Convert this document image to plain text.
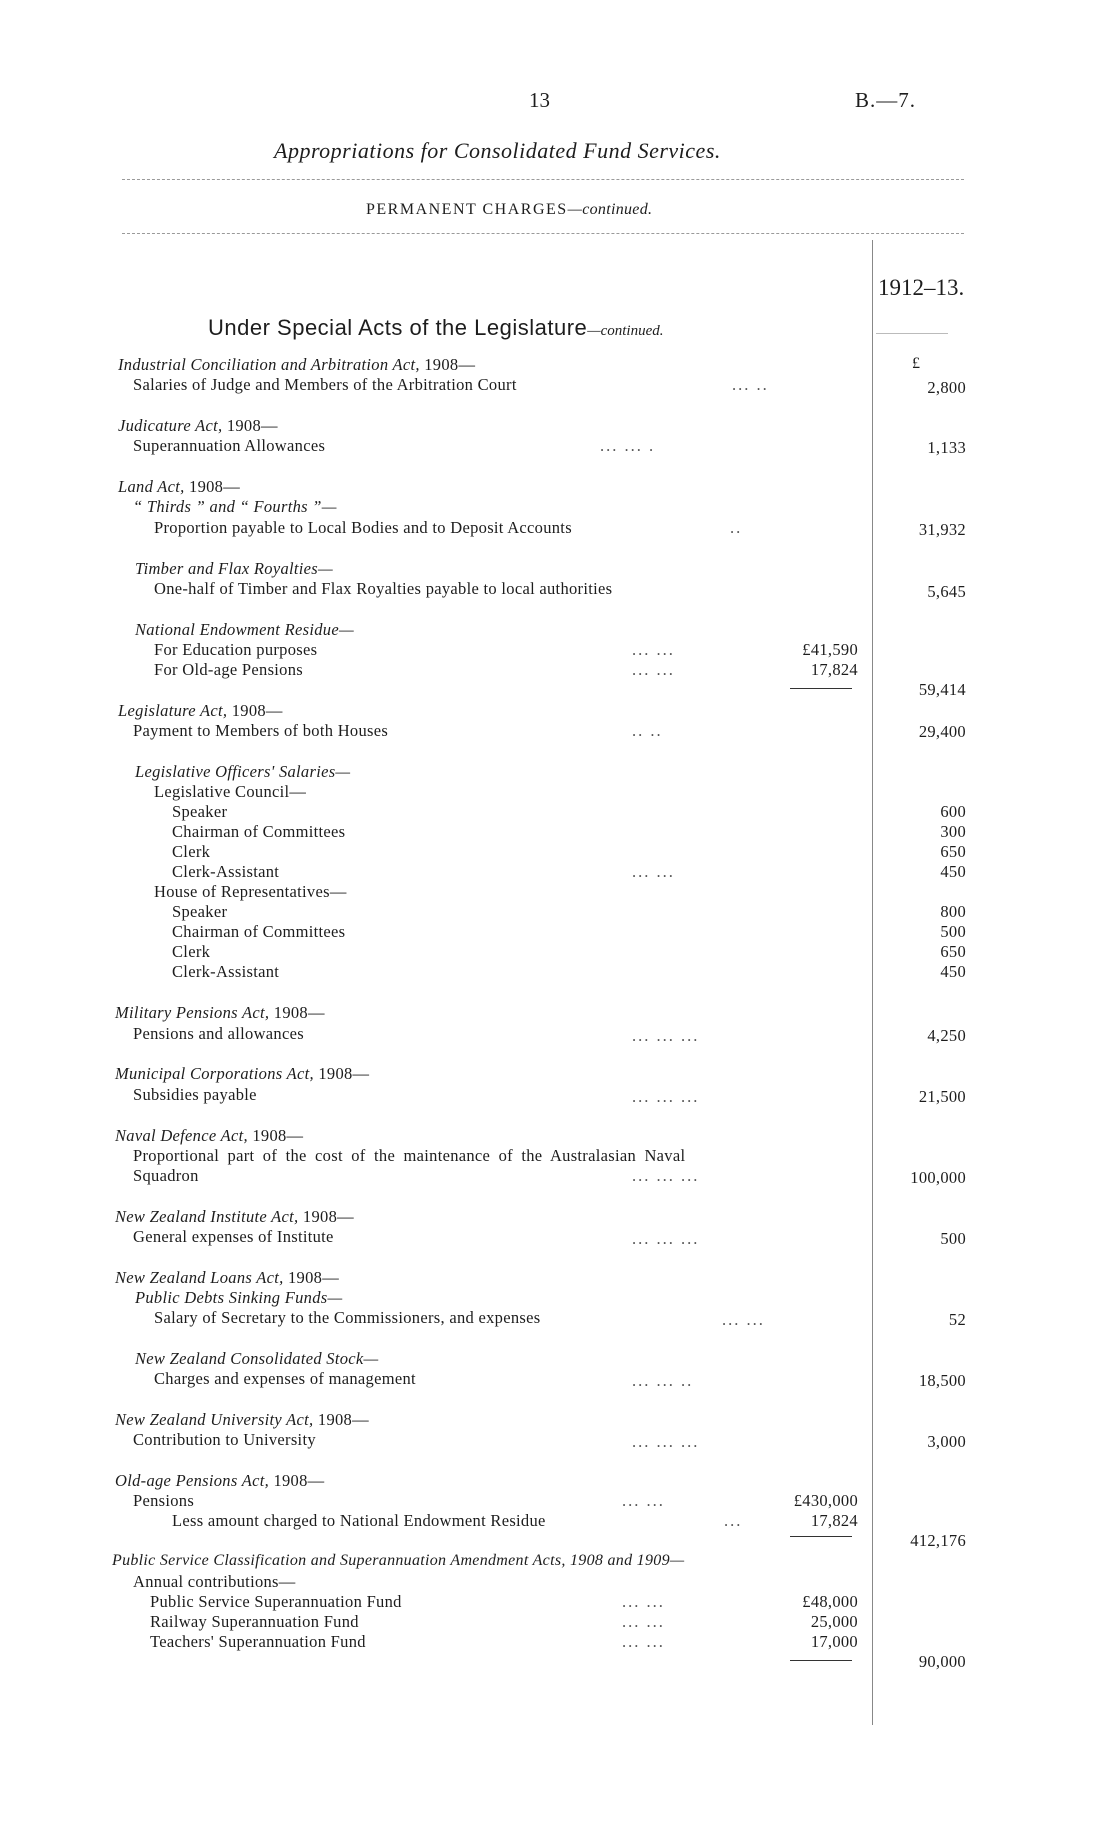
13	B.—7.
Appropriations for Consolidated Fund Services.
PERMANENT CHARGES—continued.
1912–13.
Under Special Acts of the Legislature—continued.
£
Industrial Conciliation and Arbitration Act, 1908—
Salaries of Judge and Members of the Arbitration Court	... ..	2,800
Judicature Act, 1908—
Superannuation Allowances	... ... .	1,133
Land Act, 1908—
“ Thirds ” and “ Fourths ”—
Proportion payable to Local Bodies and to Deposit Accounts	..	31,932
Timber and Flax Royalties—
One-half of Timber and Flax Royalties payable to local authorities	5,645
National Endowment Residue—
For Education purposes	... ...	£41,590
For Old-age Pensions	... ...	17,824
59,414
Legislature Act, 1908—
Payment to Members of both Houses	.. ..	29,400
Legislative Officers' Salaries—
Legislative Council—
Speaker	600
Chairman of Committees	300
Clerk	650
Clerk-Assistant	... ...	450
House of Representatives—
Speaker	800
Chairman of Committees	500
Clerk	650
Clerk-Assistant	450
Military Pensions Act, 1908—
Pensions and allowances	... ... ...	4,250
Municipal Corporations Act, 1908—
Subsidies payable	... ... ...	21,500
Naval Defence Act, 1908—
Proportional part of the cost of the maintenance of the Australasian Naval
Squadron	... ... ...	100,000
New Zealand Institute Act, 1908—
General expenses of Institute	... ... ...	500
New Zealand Loans Act, 1908—
Public Debts Sinking Funds—
Salary of Secretary to the Commissioners, and expenses	... ...	52
New Zealand Consolidated Stock—
Charges and expenses of management	... ... ..	18,500
New Zealand University Act, 1908—
Contribution to University	... ... ...	3,000
Old-age Pensions Act, 1908—
Pensions	... ...	£430,000
Less amount charged to National Endowment Residue	...	17,824
412,176
Public Service Classification and Superannuation Amendment Acts, 1908 and 1909—
Annual contributions—
Public Service Superannuation Fund	... ...	£48,000
Railway Superannuation Fund	... ...	25,000
Teachers' Superannuation Fund	... ...	17,000
90,000
